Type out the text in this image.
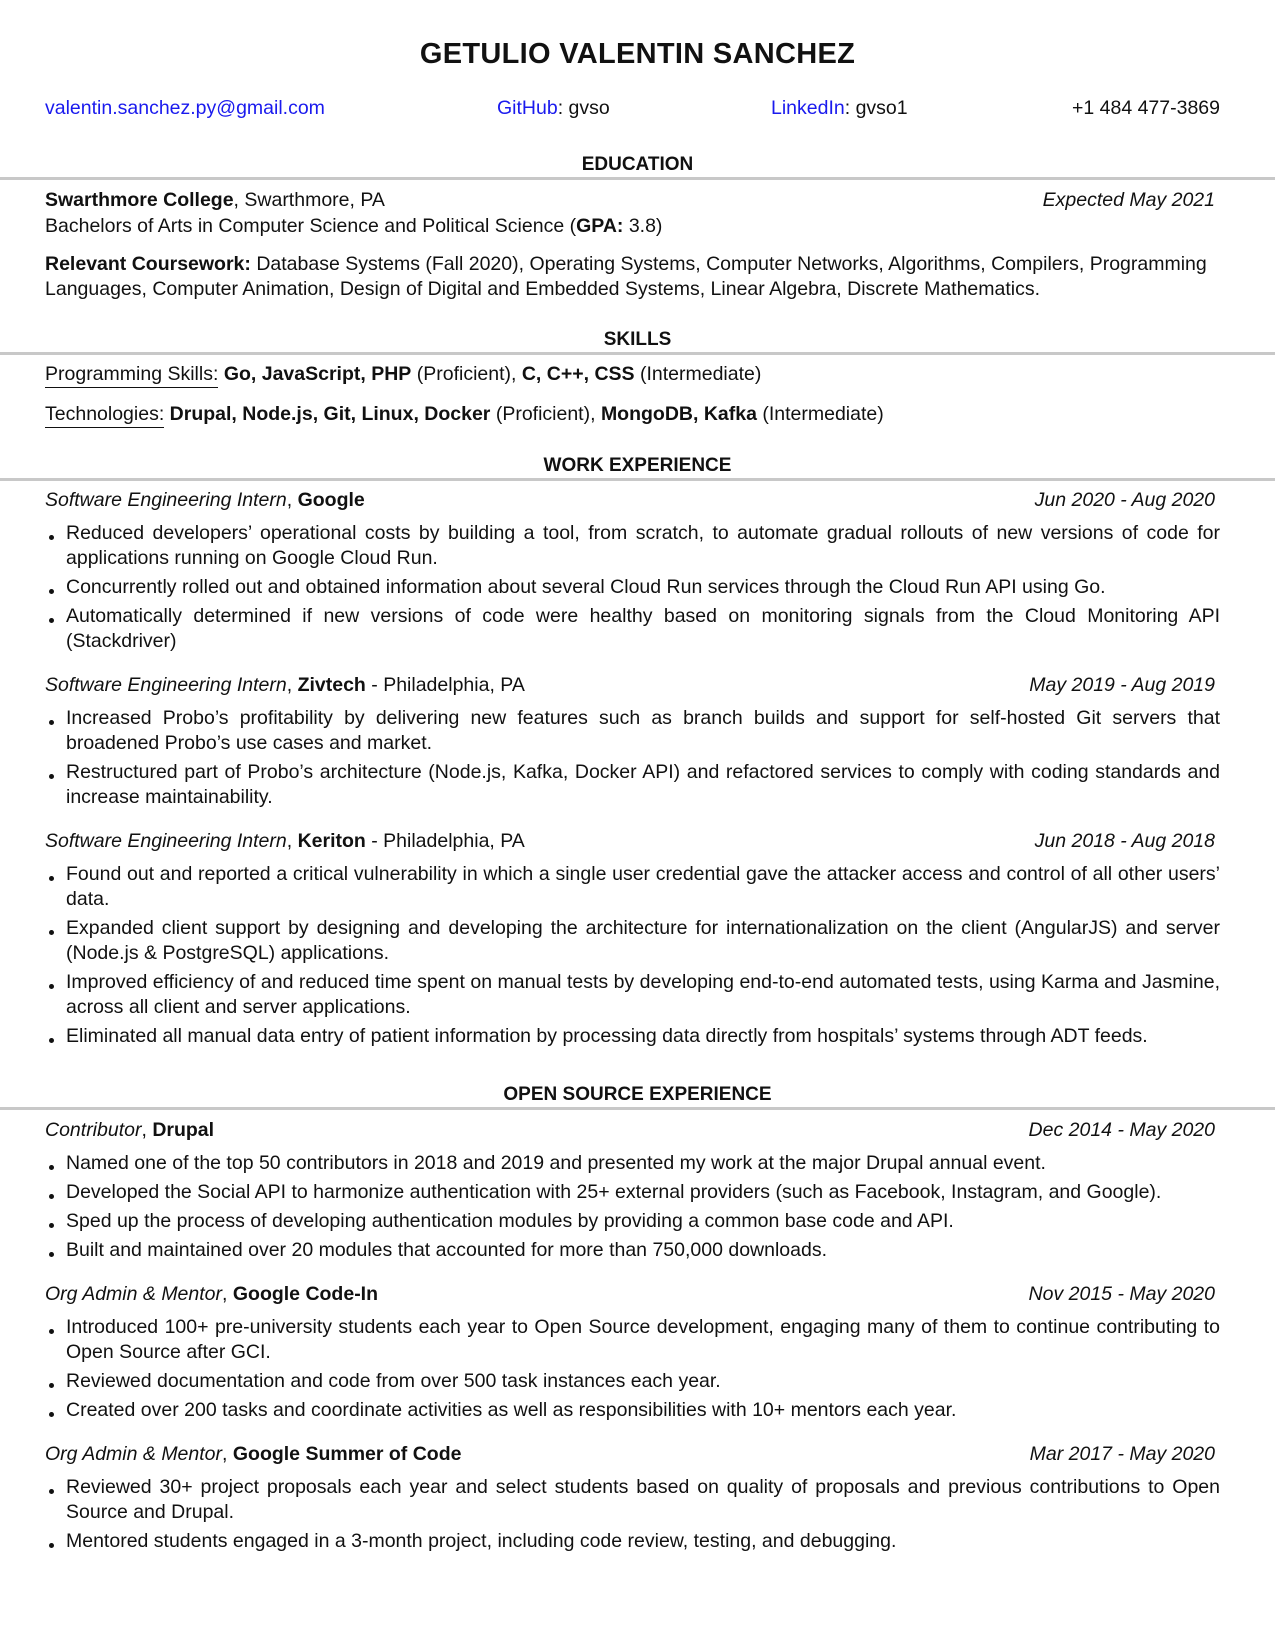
GETULIO VALENTIN SANCHEZ
valentin.sanchez.py@gmail.com	GitHub: gvso	LinkedIn: gvso1	+1 484 477-3869
EDUCATION
Swarthmore College, Swarthmore, PA	Expected May 2021
Bachelors of Arts in Computer Science and Political Science (GPA: 3.8)
Relevant Coursework: Database Systems (Fall 2020), Operating Systems, Computer Networks, Algorithms, Compilers, Programming Languages, Computer Animation, Design of Digital and Embedded Systems, Linear Algebra, Discrete Mathematics.
SKILLS
Programming Skills: Go, JavaScript, PHP (Proficient), C, C++, CSS (Intermediate)
Technologies: Drupal, Node.js, Git, Linux, Docker (Proficient), MongoDB, Kafka (Intermediate)
WORK EXPERIENCE
Software Engineering Intern, Google	Jun 2020 - Aug 2020
Reduced developers’ operational costs by building a tool, from scratch, to automate gradual rollouts of new versions of code for applications running on Google Cloud Run.
Concurrently rolled out and obtained information about several Cloud Run services through the Cloud Run API using Go.
Automatically determined if new versions of code were healthy based on monitoring signals from the Cloud Monitoring API (Stackdriver)
Software Engineering Intern, Zivtech - Philadelphia, PA	May 2019 - Aug 2019
Increased Probo’s profitability by delivering new features such as branch builds and support for self-hosted Git servers that broadened Probo’s use cases and market.
Restructured part of Probo’s architecture (Node.js, Kafka, Docker API) and refactored services to comply with coding standards and increase maintainability.
Software Engineering Intern, Keriton - Philadelphia, PA	Jun 2018 - Aug 2018
Found out and reported a critical vulnerability in which a single user credential gave the attacker access and control of all other users’ data.
Expanded client support by designing and developing the architecture for internationalization on the client (AngularJS) and server (Node.js & PostgreSQL) applications.
Improved efficiency of and reduced time spent on manual tests by developing end-to-end automated tests, using Karma and Jasmine, across all client and server applications.
Eliminated all manual data entry of patient information by processing data directly from hospitals’ systems through ADT feeds.
OPEN SOURCE EXPERIENCE
Contributor, Drupal	Dec 2014 - May 2020
Named one of the top 50 contributors in 2018 and 2019 and presented my work at the major Drupal annual event.
Developed the Social API to harmonize authentication with 25+ external providers (such as Facebook, Instagram, and Google).
Sped up the process of developing authentication modules by providing a common base code and API.
Built and maintained over 20 modules that accounted for more than 750,000 downloads.
Org Admin & Mentor, Google Code-In	Nov 2015 - May 2020
Introduced 100+ pre-university students each year to Open Source development, engaging many of them to continue contributing to Open Source after GCI.
Reviewed documentation and code from over 500 task instances each year.
Created over 200 tasks and coordinate activities as well as responsibilities with 10+ mentors each year.
Org Admin & Mentor, Google Summer of Code	Mar 2017 - May 2020
Reviewed 30+ project proposals each year and select students based on quality of proposals and previous contributions to Open Source and Drupal.
Mentored students engaged in a 3-month project, including code review, testing, and debugging.
